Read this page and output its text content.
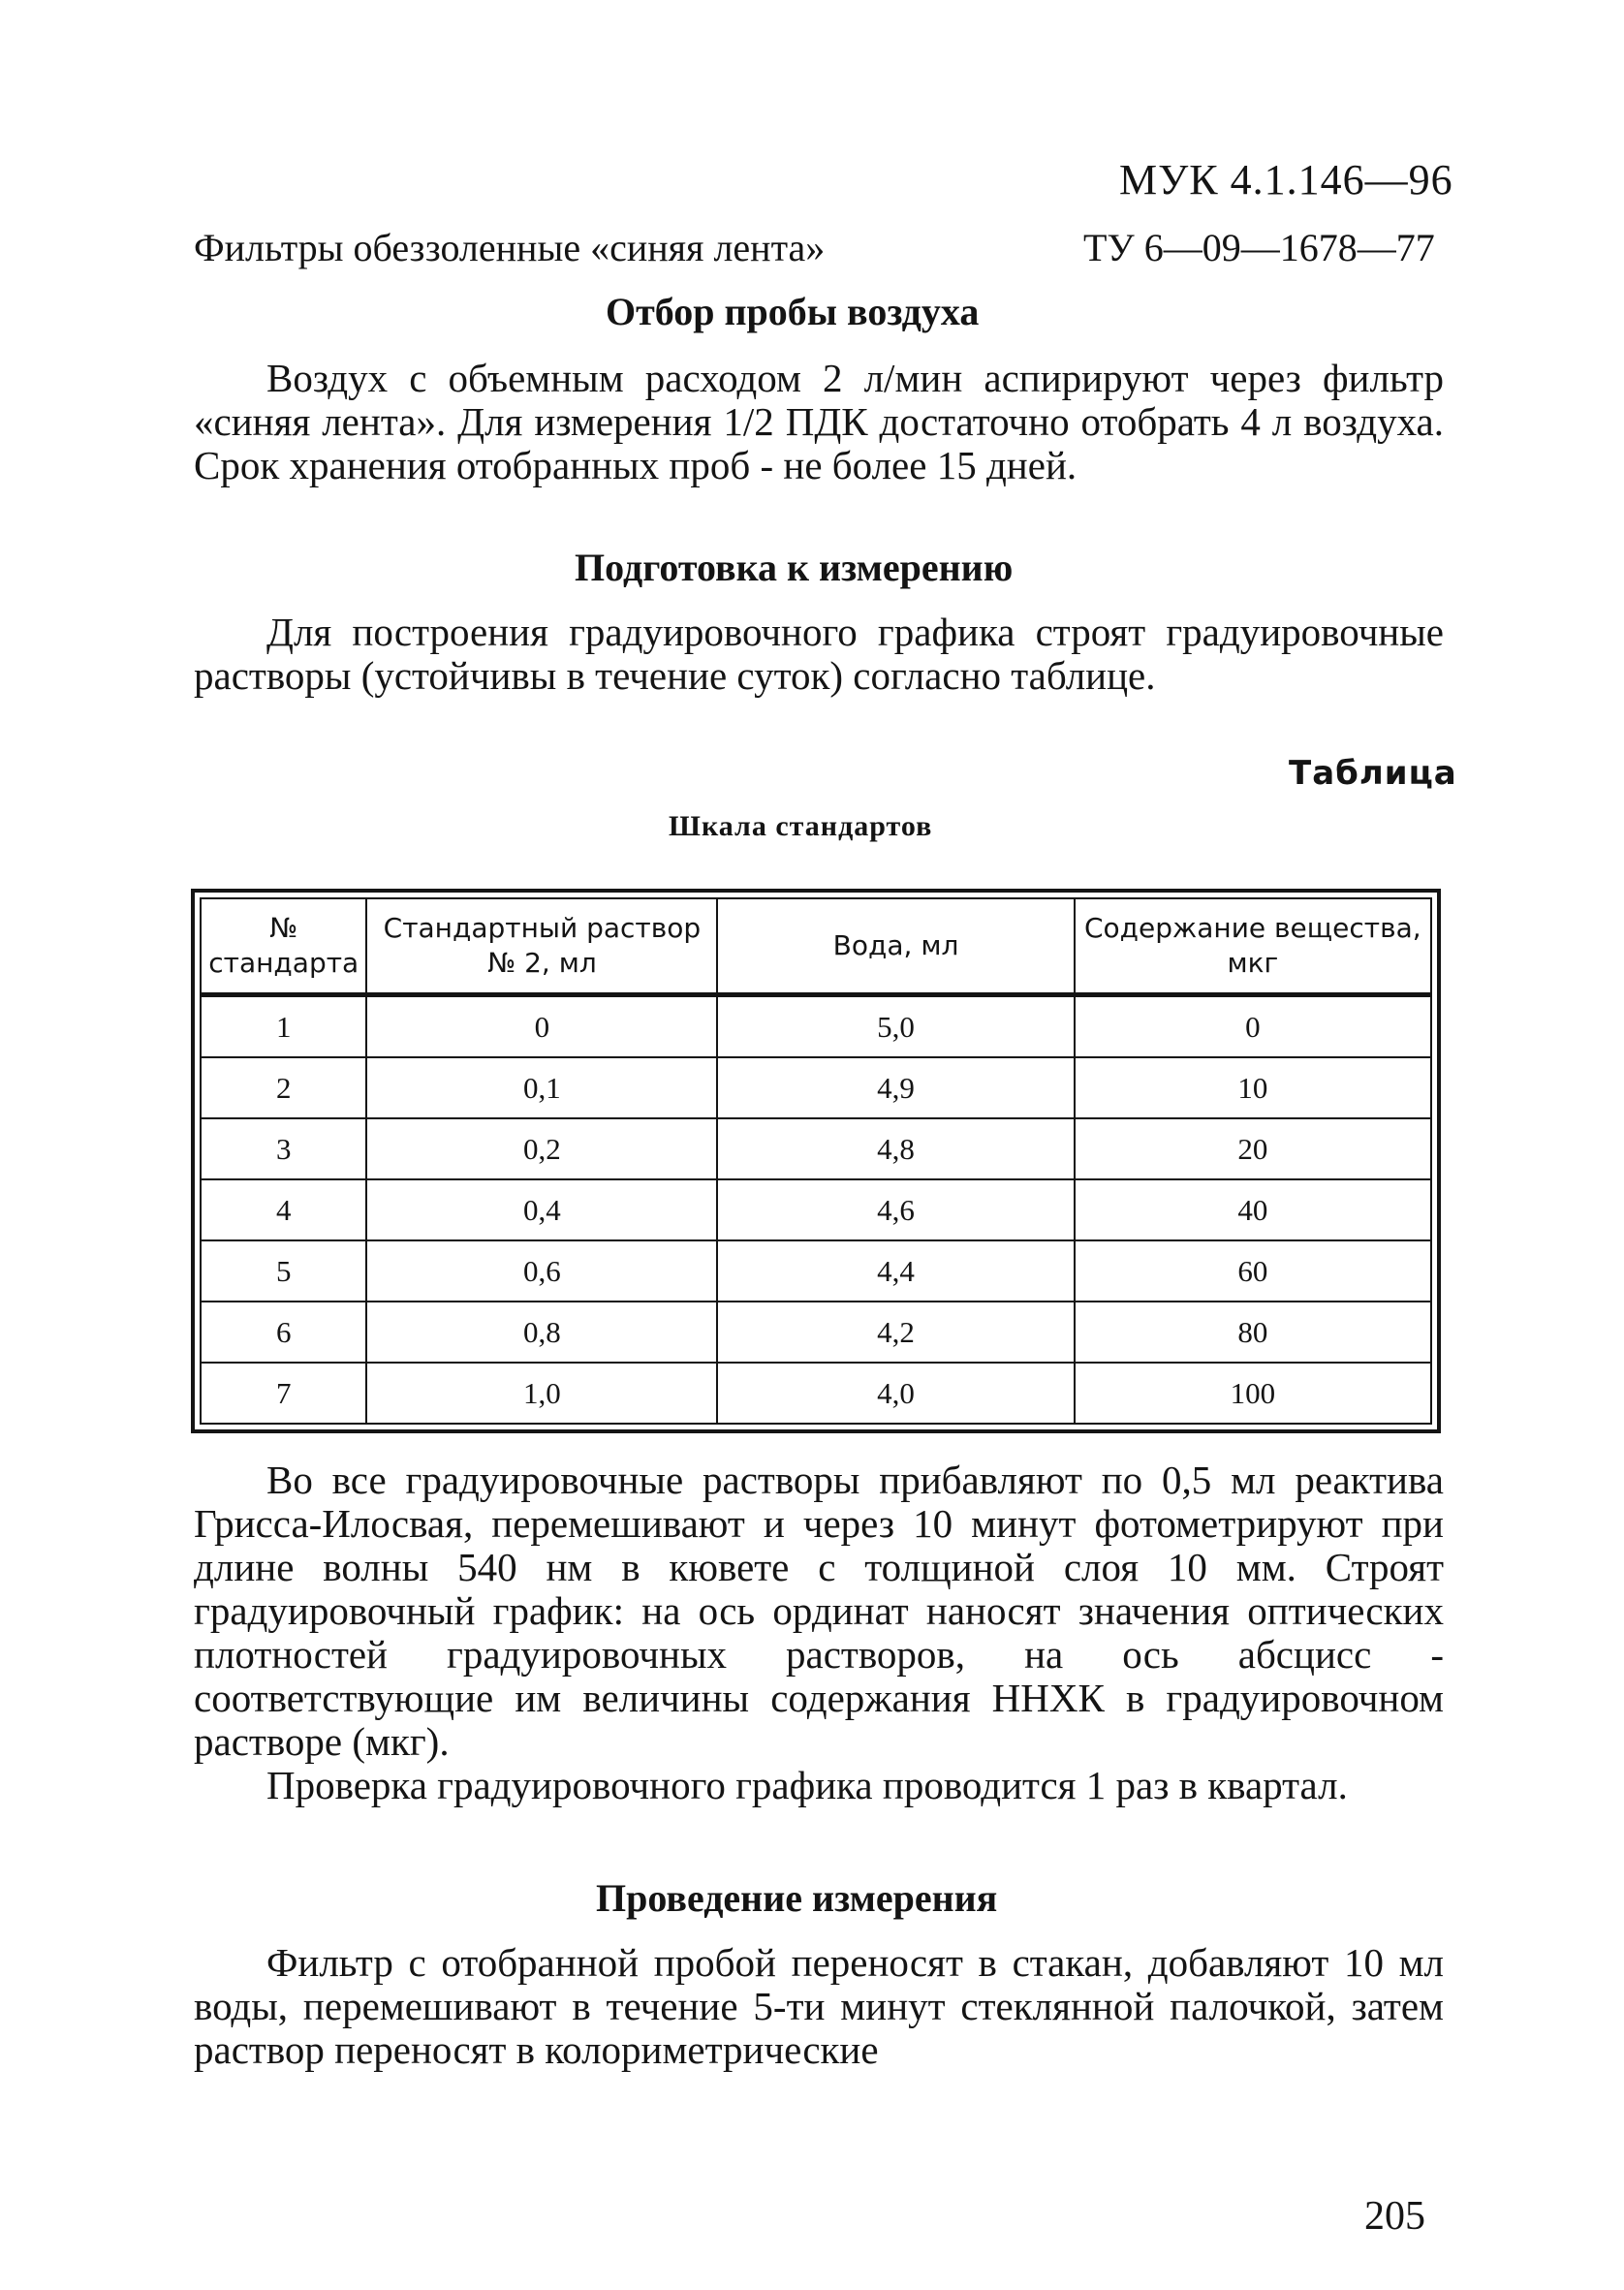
МУК 4.1.146—96
Фильтры обеззоленные «синяя лента»	ТУ 6—09—1678—77
Отбор пробы воздуха

Воздух с объемным расходом 2 л/мин аспирируют через фильтр «синяя лента». Для измерения 1/2 ПДК достаточно отобрать 4 л воздуха. Срок хранения отобранных проб - не более 15 дней.

Подготовка к измерению

Для построения градуировочного графика строят градуировочные растворы (устойчивы в течение суток) согласно таблице.

Таблица
Шкала стандартов
№ стандарта	Стандартный раствор № 2, мл	Вода, мл	Содержание вещества, мкг
1	0	5,0	0
2	0,1	4,9	10
3	0,2	4,8	20
4	0,4	4,6	40
5	0,6	4,4	60
6	0,8	4,2	80
7	1,0	4,0	100

Во все градуировочные растворы прибавляют по 0,5 мл реактива Грисса-Илосвая, перемешивают и через 10 минут фотометрируют при длине волны 540 нм в кювете с толщиной слоя 10 мм. Строят градуировочный график: на ось ординат наносят значения оптических плотностей градуировочных растворов, на ось абсцисс - соответствующие им величины содержания ННХК в градуировочном растворе (мкг).

Проверка градуировочного графика проводится 1 раз в квартал.

Проведение измерения

Фильтр с отобранной пробой переносят в стакан, добавляют 10 мл воды, перемешивают в течение 5-ти минут стеклянной палочкой, затем раствор переносят в колориметрические

205
